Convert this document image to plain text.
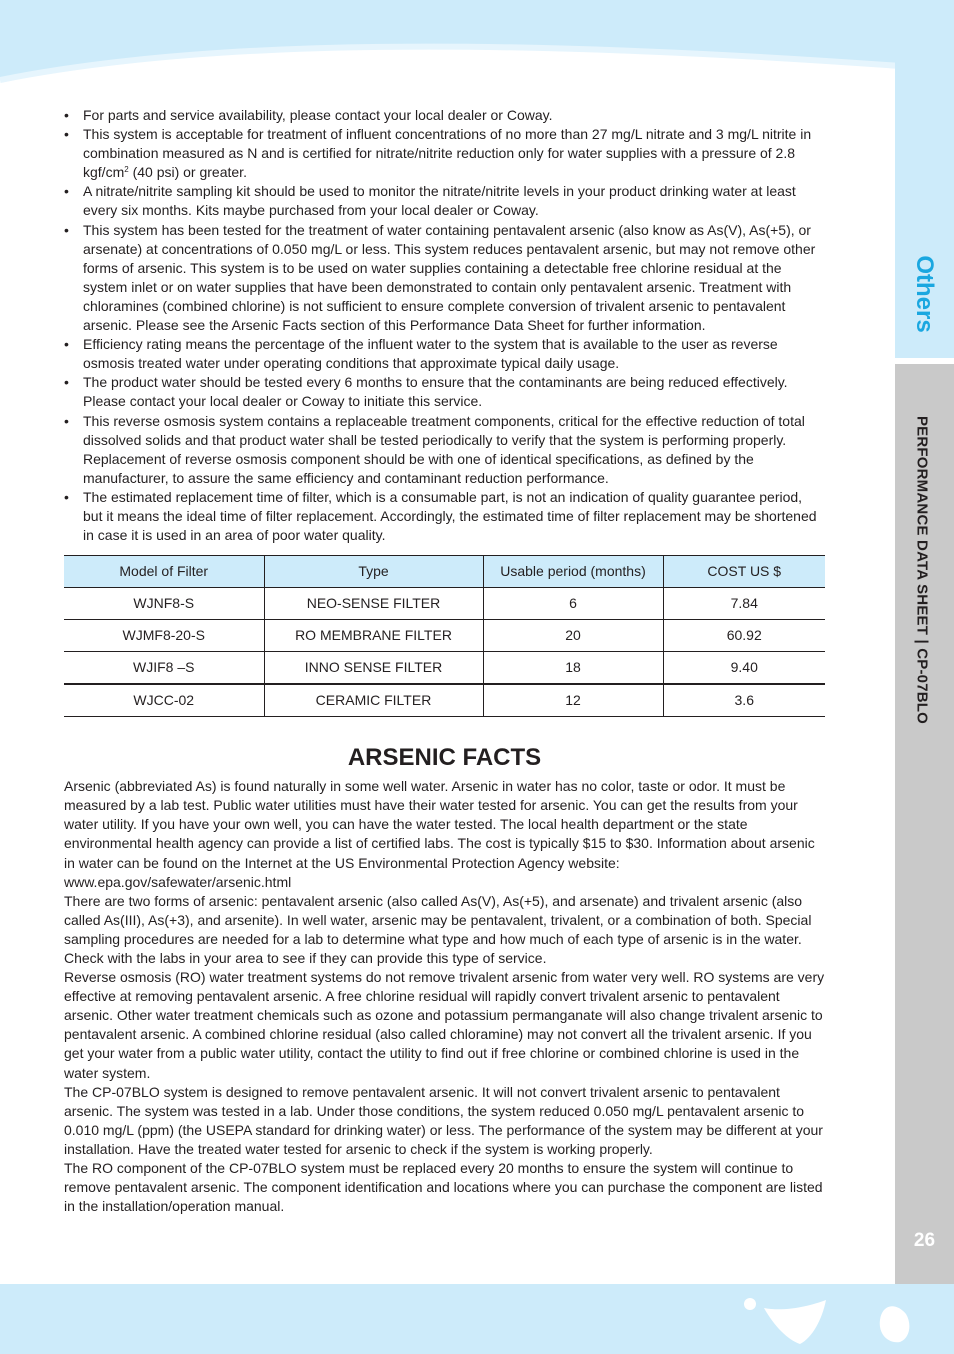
Others
PERFORMANCE DATA SHEET | CP-07BLO
26
• For parts and service availability, please contact your local dealer or Coway.
• This system is acceptable for treatment of influent concentrations of no more than 27 mg/L nitrate and 3 mg/L nitrite in combination measured as N and is certified for nitrate/nitrite reduction only for water supplies with a pressure of 2.8 kgf/$cm^2$ (40 psi) or greater.
• A nitrate/nitrite sampling kit should be used to monitor the nitrate/nitrite levels in your product drinking water at least every six months. Kits maybe purchased from your local dealer or Coway.
• This system has been tested for the treatment of water containing pentavalent arsenic (also know as As(V), As(+5), or arsenate) at concentrations of 0.050 mg/L or less. This system reduces pentavalent arsenic, but may not remove other forms of arsenic. This system is to be used on water supplies containing a detectable free chlorine residual at the system inlet or on water supplies that have been demonstrated to contain only pentavalent arsenic. Treatment with chloramines (combined chlorine) is not sufficient to ensure complete conversion of trivalent arsenic to pentavalent arsenic. Please see the Arsenic Facts section of this Performance Data Sheet for further information.
• Efficiency rating means the percentage of the influent water to the system that is available to the user as reverse osmosis treated water under operating conditions that approximate typical daily usage.
• The product water should be tested every 6 months to ensure that the contaminants are being reduced effectively. Please contact your local dealer or Coway to initiate this service.
• This reverse osmosis system contains a replaceable treatment components, critical for the effective reduction of total dissolved solids and that product water shall be tested periodically to verify that the system is performing properly. Replacement of reverse osmosis component should be with one of identical specifications, as defined by the manufacturer, to assure the same efficiency and contaminant reduction performance.
• The estimated replacement time of filter, which is a consumable part, is not an indication of quality guarantee period, but it means the ideal time of filter replacement. Accordingly, the estimated time of filter replacement may be shortened in case it is used in an area of poor water quality.
Model of Filter	Type	Usable period (months)	COST US $
WJNF8-S	NEO-SENSE FILTER	6	7.84
WJMF8-20-S	RO MEMBRANE FILTER	20	60.92
WJIF8 –S	INNO SENSE FILTER	18	9.40
WJCC-02	CERAMIC FILTER	12	3.6
ARSENIC FACTS

Arsenic (abbreviated As) is found naturally in some well water. Arsenic in water has no color, taste or odor. It must be measured by a lab test. Public water utilities must have their water tested for arsenic. You can get the results from your water utility. If you have your own well, you can have the water tested. The local health department or the state environmental health agency can provide a list of certified labs. The cost is typically $15 to $30. Information about arsenic in water can be found on the Internet at the US Environmental Protection Agency website: www.epa.gov/safewater/arsenic.html

There are two forms of arsenic: pentavalent arsenic (also called As(V), As(+5), and arsenate) and trivalent arsenic (also called As(III), As(+3), and arsenite). In well water, arsenic may be pentavalent, trivalent, or a combination of both. Special sampling procedures are needed for a lab to determine what type and how much of each type of arsenic is in the water. Check with the labs in your area to see if they can provide this type of service.

Reverse osmosis (RO) water treatment systems do not remove trivalent arsenic from water very well. RO systems are very effective at removing pentavalent arsenic. A free chlorine residual will rapidly convert trivalent arsenic to pentavalent arsenic. Other water treatment chemicals such as ozone and potassium permanganate will also change trivalent arsenic to pentavalent arsenic. A combined chlorine residual (also called chloramine) may not convert all the trivalent arsenic. If you get your water from a public water utility, contact the utility to find out if free chlorine or combined chlorine is used in the water system.

The CP-07BLO system is designed to remove pentavalent arsenic. It will not convert trivalent arsenic to pentavalent arsenic. The system was tested in a lab. Under those conditions, the system reduced 0.050 mg/L pentavalent arsenic to 0.010 mg/L (ppm) (the USEPA standard for drinking water) or less. The performance of the system may be different at your installation. Have the treated water tested for arsenic to check if the system is working properly.

The RO component of the CP-07BLO system must be replaced every 20 months to ensure the system will continue to remove pentavalent arsenic. The component identification and locations where you can purchase the component are listed in the installation/operation manual.
